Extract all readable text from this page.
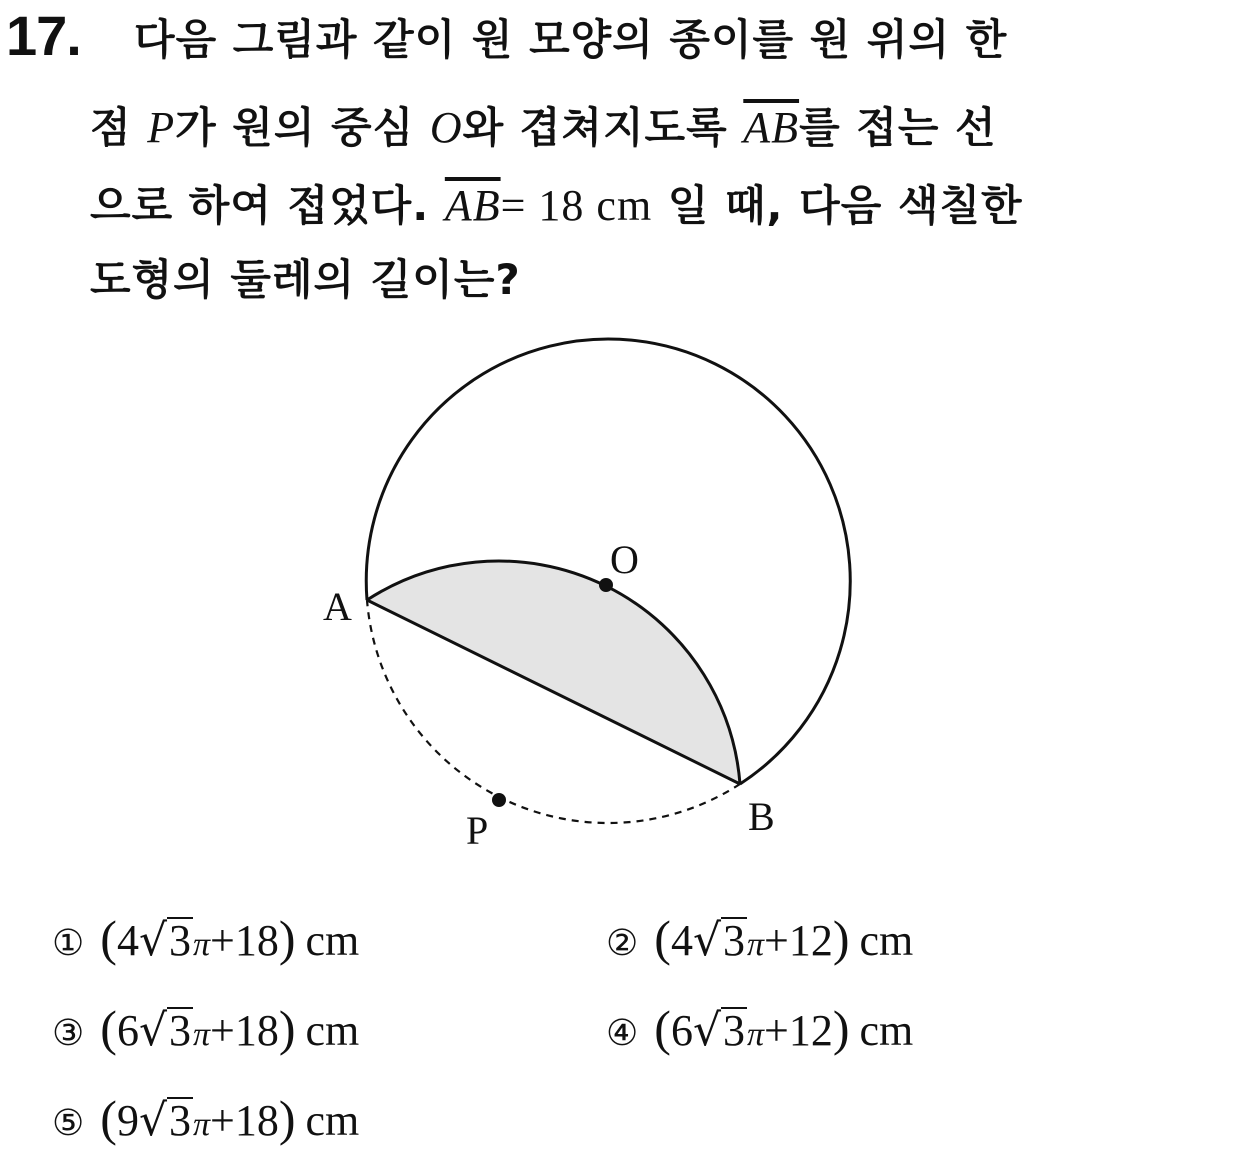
17. 다음 그림과 같이 원 모양의 종이를 원 위의 한
점 P가 원의 중심 O와 겹쳐지도록 $\overline{AB}$를 접는 선
으로 하여 접었다. $\overline{AB}= 18$ cm 일 때, 다음 색칠한
도형의 둘레의 길이는?
A
O
B
P
① (4√3π+18) cm	② (4√3π+12) cm
③ (6√3π+18) cm	④ (6√3π+12) cm
⑤ (9√3π+18) cm
